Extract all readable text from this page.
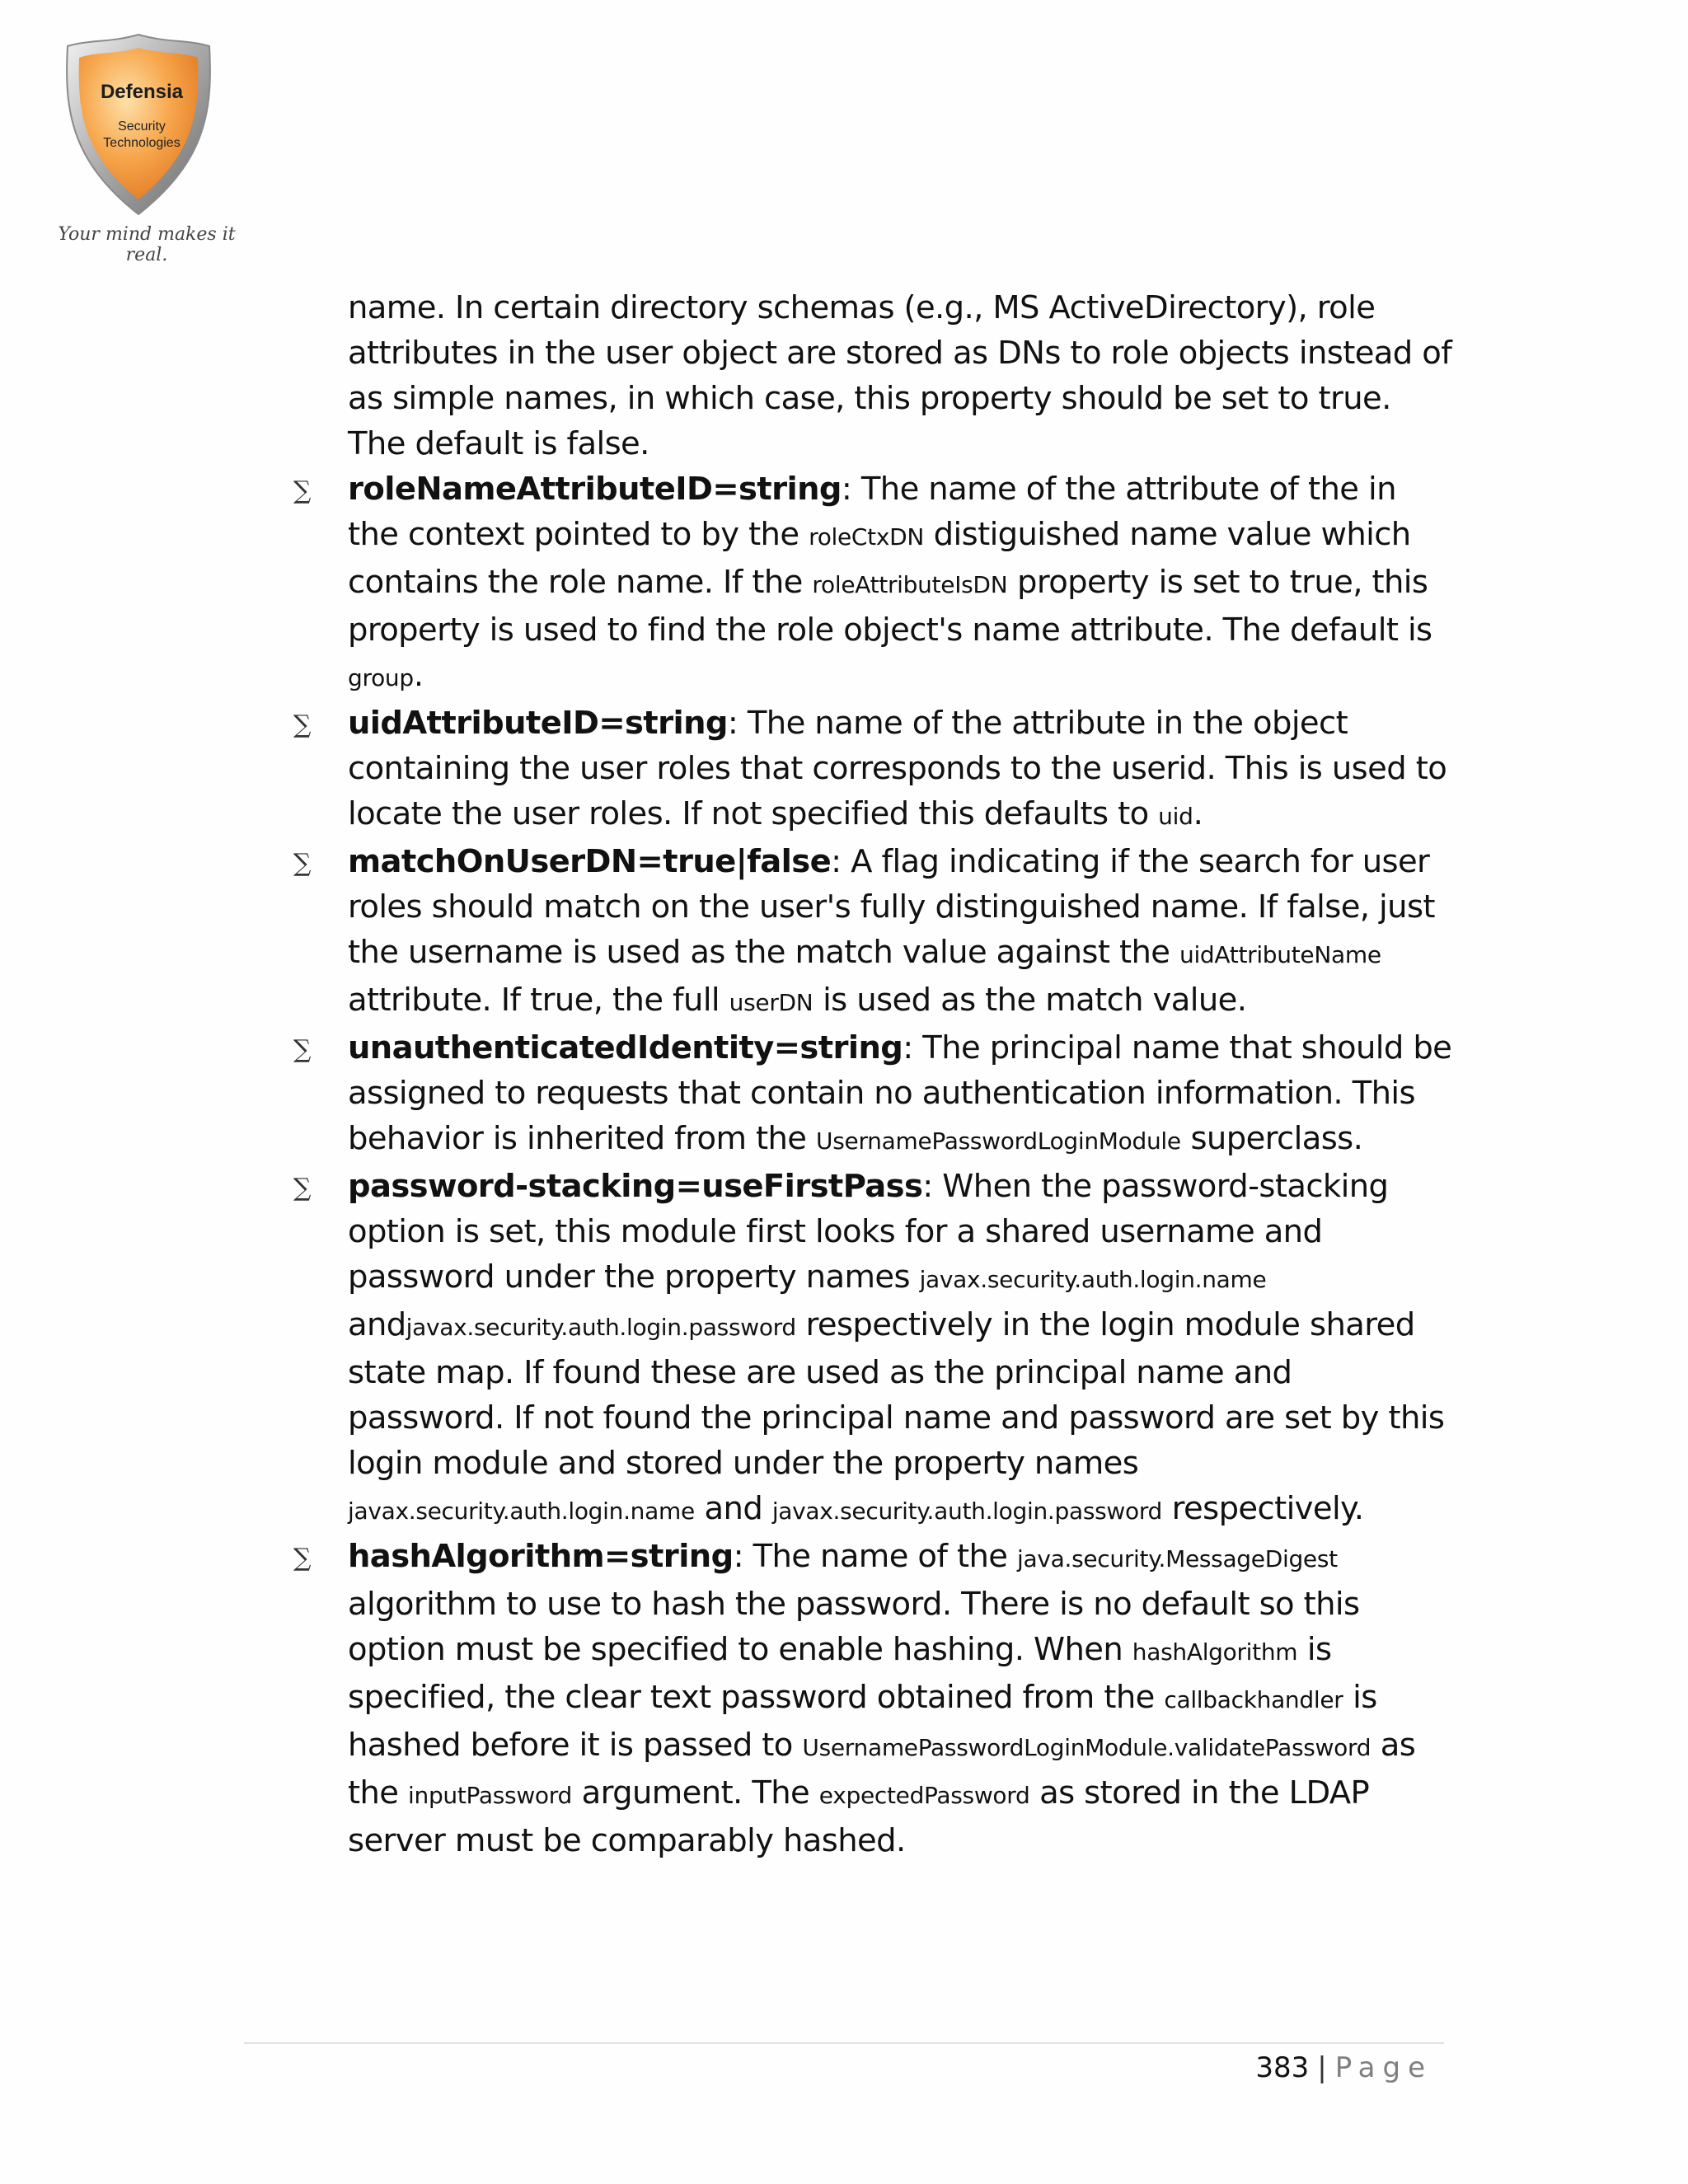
Defensia
Security
Technologies
Your mind makes it real.

name. In certain directory schemas (e.g., MS ActiveDirectory), role attributes in the user object are stored as DNs to role objects instead of as simple names, in which case, this property should be set to true. The default is false.

∑ roleNameAttributeID=string: The name of the attribute of the in the context pointed to by the roleCtxDN distiguished name value which contains the role name. If the roleAttributeIsDN property is set to true, this property is used to find the role object's name attribute. The default is group.

∑ uidAttributeID=string: The name of the attribute in the object containing the user roles that corresponds to the userid. This is used to locate the user roles. If not specified this defaults to uid.

∑ matchOnUserDN=true|false: A flag indicating if the search for user roles should match on the user's fully distinguished name. If false, just the username is used as the match value against the uidAttributeName attribute. If true, the full userDN is used as the match value.

∑ unauthenticatedIdentity=string: The principal name that should be assigned to requests that contain no authentication information. This behavior is inherited from the UsernamePasswordLoginModule superclass.

∑ password-stacking=useFirstPass: When the password-stacking option is set, this module first looks for a shared username and password under the property names javax.security.auth.login.name andjavax.security.auth.login.password respectively in the login module shared state map. If found these are used as the principal name and password. If not found the principal name and password are set by this login module and stored under the property names javax.security.auth.login.name and javax.security.auth.login.password respectively.

∑ hashAlgorithm=string: The name of the java.security.MessageDigest algorithm to use to hash the password. There is no default so this option must be specified to enable hashing. When hashAlgorithm is specified, the clear text password obtained from the callbackhandler is hashed before it is passed to UsernamePasswordLoginModule.validatePassword as the inputPassword argument. The expectedPassword as stored in the LDAP server must be comparably hashed.

383 | Page
